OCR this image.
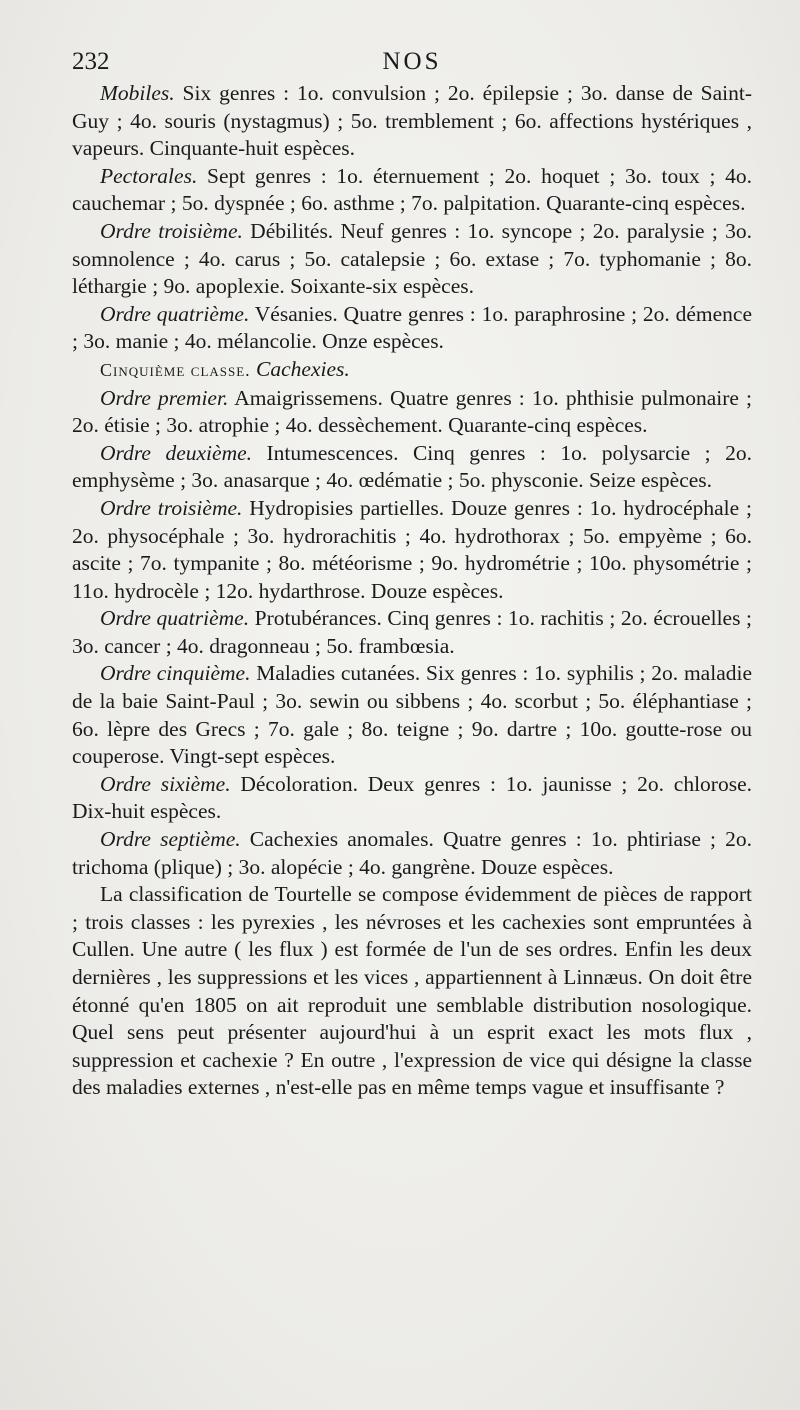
232	NOS

Mobiles. Six genres : 1o. convulsion ; 2o. épilepsie ; 3o. danse de Saint-Guy ; 4o. souris (nystagmus) ; 5o. tremblement ; 6o. affections hystériques , vapeurs. Cinquante-huit espèces.

Pectorales. Sept genres : 1o. éternuement ; 2o. hoquet ; 3o. toux ; 4o. cauchemar ; 5o. dyspnée ; 6o. asthme ; 7o. palpitation. Quarante-cinq espèces.

Ordre troisième. Débilités. Neuf genres : 1o. syncope ; 2o. paralysie ; 3o. somnolence ; 4o. carus ; 5o. catalepsie ; 6o. extase ; 7o. typhomanie ; 8o. léthargie ; 9o. apoplexie. Soixante-six espèces.

Ordre quatrième. Vésanies. Quatre genres : 1o. paraphrosine ; 2o. démence ; 3o. manie ; 4o. mélancolie. Onze espèces.

Cinquième classe. Cachexies.

Ordre premier. Amaigrissemens. Quatre genres : 1o. phthisie pulmonaire ; 2o. étisie ; 3o. atrophie ; 4o. dessèchement. Quarante-cinq espèces.

Ordre deuxième. Intumescences. Cinq genres : 1o. polysarcie ; 2o. emphysème ; 3o. anasarque ; 4o. œdématie ; 5o. physconie. Seize espèces.

Ordre troisième. Hydropisies partielles. Douze genres : 1o. hydrocéphale ; 2o. physocéphale ; 3o. hydrorachitis ; 4o. hydrothorax ; 5o. empyème ; 6o. ascite ; 7o. tympanite ; 8o. météorisme ; 9o. hydrométrie ; 10o. physométrie ; 11o. hydrocèle ; 12o. hydarthrose. Douze espèces.

Ordre quatrième. Protubérances. Cinq genres : 1o. rachitis ; 2o. écrouelles ; 3o. cancer ; 4o. dragonneau ; 5o. frambœsia.

Ordre cinquième. Maladies cutanées. Six genres : 1o. syphilis ; 2o. maladie de la baie Saint-Paul ; 3o. sewin ou sibbens ; 4o. scorbut ; 5o. éléphantiase ; 6o. lèpre des Grecs ; 7o. gale ; 8o. teigne ; 9o. dartre ; 10o. goutte-rose ou couperose. Vingt-sept espèces.

Ordre sixième. Décoloration. Deux genres : 1o. jaunisse ; 2o. chlorose. Dix-huit espèces.

Ordre septième. Cachexies anomales. Quatre genres : 1o. phtiriase ; 2o. trichoma (plique) ; 3o. alopécie ; 4o. gangrène. Douze espèces.

La classification de Tourtelle se compose évidemment de pièces de rapport ; trois classes : les pyrexies , les névroses et les cachexies sont empruntées à Cullen. Une autre ( les flux ) est formée de l'un de ses ordres. Enfin les deux dernières , les suppressions et les vices , appartiennent à Linnæus. On doit être étonné qu'en 1805 on ait reproduit une semblable distribution nosologique. Quel sens peut présenter aujourd'hui à un esprit exact les mots flux , suppression et cachexie ? En outre , l'expression de vice qui désigne la classe des maladies externes , n'est-elle pas en même temps vague et insuffisante ?
